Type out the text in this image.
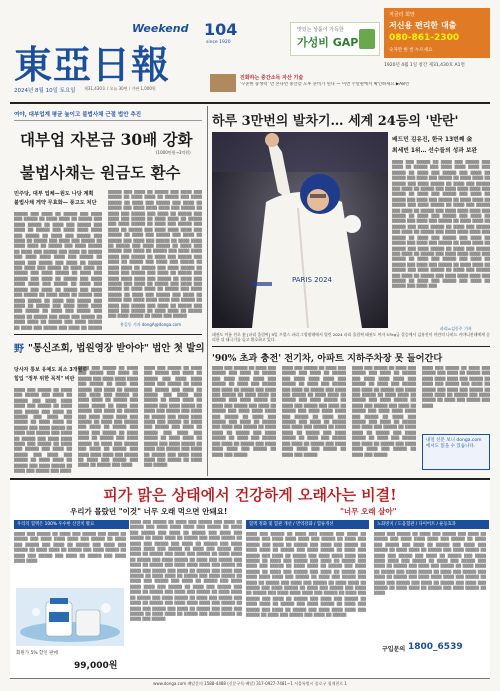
Weekend
東亞日報
2024년 8월 10일 토요일 제31,430호 / 오늘 30면 / 가판 1,000원
104
since 1920
맛있는 상품이 가득한
가성비 GAP
저금리 희망
저신용 편리한 대출
080-861-2300
숫자만 한 번 누르세요
1920년 4월 1일 창간 제31,430호 A1면
진화하는 중간소득 자산 기술
'꾸준한 중생력' 만 본다면 중산층 노후 준비가 된다 — 이번 주말판에서 확인하세요 ▶A8면
여야, 대부업계 평균 높이고 불법사채 근절 법안 추진
대부업 자본금 30배 강화
(1000만원→3억원)
불법사채는 원금도 환수
민주당, 대부 업체—원도 나당 계획
불법사채 게약 무효화— 풍고도 처단
▒▒▒▒▒ ▒▒▒ ▒▒▒▒ ▒▒ ▒▒▒▒▒ ▒▒▒ ▒▒▒▒ ▒▒▒ ▒▒▒▒▒ ▒▒ ▒▒▒▒ ▒▒▒▒ ▒▒ ▒▒▒▒▒ ▒▒▒ ▒▒▒▒ ▒▒▒▒▒ ▒▒ ▒▒▒▒ ▒▒▒ ▒▒▒▒▒ ▒▒▒ ▒▒▒▒ ▒▒ ▒▒▒▒▒ ▒▒▒ ▒▒▒▒ ▒▒▒▒ ▒▒▒▒ ▒▒▒ ▒▒▒▒▒ ▒▒ ▒▒▒▒ ▒▒▒ ▒▒▒▒▒ ▒▒▒ ▒▒▒▒ ▒▒ ▒▒▒▒▒ ▒▒▒ ▒▒▒▒ ▒▒▒ ▒▒▒▒▒ ▒▒ ▒▒▒▒ ▒▒▒▒ ▒▒ ▒▒▒▒▒ ▒▒▒ ▒▒▒▒ ▒▒▒▒▒ ▒▒ ▒▒▒▒ ▒▒▒ ▒▒▒▒▒ ▒▒▒ ▒▒▒▒ ▒▒ ▒▒▒▒▒ ▒▒▒ ▒▒▒▒ ▒▒▒▒ ▒▒▒▒ ▒▒▒ ▒▒▒▒▒ ▒▒ ▒▒▒▒ ▒▒▒ ▒▒▒▒▒ ▒▒▒ ▒▒▒▒ ▒▒ ▒▒▒▒▒ ▒▒▒ ▒▒▒▒ ▒▒▒ ▒▒▒▒▒ ▒▒ ▒▒▒▒ ▒▒▒▒ ▒▒ ▒▒▒▒▒ ▒▒▒ ▒▒▒▒ ▒▒▒▒▒ ▒▒ ▒▒▒▒ ▒▒▒ ▒▒▒▒▒ ▒▒▒ ▒▒▒▒ ▒▒ ▒▒▒▒▒ ▒▒▒ ▒▒▒▒ ▒▒▒▒ ▒▒▒▒ ▒▒▒ ▒▒▒▒▒ ▒▒ ▒▒▒▒ ▒▒▒ ▒▒▒▒▒ ▒▒▒ ▒▒▒▒ ▒▒ ▒▒▒▒▒ ▒▒▒ ▒▒▒▒ ▒▒▒ ▒▒▒▒▒ ▒▒ ▒▒▒▒ ▒▒▒▒ ▒▒ ▒▒▒▒▒ ▒▒▒ ▒▒▒▒ ▒▒▒▒▒ ▒▒ ▒▒▒▒ ▒▒▒ ▒▒▒▒▒ ▒▒▒ ▒▒▒▒ ▒▒ ▒▒▒▒▒ ▒▒▒ ▒▒▒▒ ▒▒▒▒ ▒▒▒▒ ▒▒▒ ▒▒▒▒▒ ▒▒ ▒▒▒▒ ▒▒▒ ▒▒▒▒▒ ▒▒▒ ▒▒▒▒ ▒▒ ▒▒▒▒▒ ▒▒▒ ▒▒▒▒ ▒▒▒ ▒▒▒▒▒ ▒▒ ▒▒▒▒ ▒▒▒▒ ▒▒ ▒▒▒▒▒ ▒▒▒ ▒▒▒▒ ▒▒▒▒▒ ▒▒ ▒▒▒▒ ▒▒▒ ▒▒▒▒▒ ▒▒▒ ▒▒▒▒ ▒▒ ▒▒▒▒▒
▒▒▒▒▒ ▒▒▒ ▒▒▒▒ ▒▒ ▒▒▒▒▒ ▒▒▒ ▒▒▒▒ ▒▒▒ ▒▒▒▒▒ ▒▒ ▒▒▒▒ ▒▒▒▒ ▒▒ ▒▒▒▒▒ ▒▒▒ ▒▒▒▒ ▒▒▒▒▒ ▒▒ ▒▒▒▒ ▒▒▒ ▒▒▒▒▒ ▒▒▒ ▒▒▒▒ ▒▒ ▒▒▒▒▒ ▒▒▒ ▒▒▒▒ ▒▒▒▒ ▒▒▒▒ ▒▒▒ ▒▒▒▒▒ ▒▒ ▒▒▒▒ ▒▒▒ ▒▒▒▒▒ ▒▒▒ ▒▒▒▒ ▒▒ ▒▒▒▒▒ ▒▒▒ ▒▒▒▒ ▒▒▒ ▒▒▒▒▒ ▒▒ ▒▒▒▒ ▒▒▒▒ ▒▒ ▒▒▒▒▒ ▒▒▒ ▒▒▒▒ ▒▒▒▒▒ ▒▒ ▒▒▒▒ ▒▒▒ ▒▒▒▒▒ ▒▒▒ ▒▒▒▒ ▒▒ ▒▒▒▒▒ ▒▒▒ ▒▒▒▒ ▒▒▒▒ ▒▒▒▒ ▒▒▒ ▒▒▒▒▒ ▒▒ ▒▒▒▒ ▒▒▒ ▒▒▒▒▒ ▒▒▒ ▒▒▒▒ ▒▒ ▒▒▒▒▒ ▒▒▒ ▒▒▒▒ ▒▒▒ ▒▒▒▒▒ ▒▒ ▒▒▒▒ ▒▒▒▒ ▒▒ ▒▒▒▒▒ ▒▒▒ ▒▒▒▒ ▒▒▒▒▒ ▒▒ ▒▒▒▒ ▒▒▒ ▒▒▒▒▒ ▒▒▒ ▒▒▒▒ ▒▒ ▒▒▒▒▒ ▒▒▒ ▒▒▒▒ ▒▒▒▒ ▒▒▒▒ ▒▒▒ ▒▒▒▒▒ ▒▒ ▒▒▒▒ ▒▒▒ ▒▒▒▒▒ ▒▒▒ ▒▒▒▒ ▒▒ ▒▒▒▒▒ ▒▒▒ ▒▒▒▒ ▒▒▒ ▒▒▒▒▒ ▒▒ ▒▒▒▒ ▒▒▒▒ ▒▒ ▒▒▒▒▒ ▒▒▒ ▒▒▒▒ ▒▒▒▒▒ ▒▒ ▒▒▒▒ ▒▒▒ ▒▒▒▒▒ ▒▒▒ ▒▒▒▒ ▒▒ ▒▒▒▒▒ ▒▒▒ ▒▒▒▒ ▒▒▒▒ ▒▒▒▒ ▒▒▒ ▒▒▒▒▒ ▒▒ ▒▒▒▒ ▒▒▒ ▒▒▒▒▒ ▒▒▒ ▒▒▒▒ ▒▒ ▒▒▒▒▒ ▒▒▒ ▒▒▒▒ ▒▒▒ ▒▒▒▒▒ ▒▒ ▒▒▒▒ ▒▒▒▒ ▒▒ ▒▒▒▒▒ ▒▒▒ ▒▒▒▒ ▒▒▒▒▒ ▒▒ ▒▒▒▒ ▒▒▒ ▒▒▒▒▒ ▒▒▒ ▒▒▒▒ ▒▒ ▒▒▒▒▒ ▒▒▒ ▒▒▒▒ ▒▒▒▒ ▒▒▒▒ ▒▒▒ ▒▒▒▒▒ ▒▒ ▒▒▒▒ ▒▒▒ ▒▒▒▒▒ ▒▒▒ ▒▒▒▒ ▒▒ ▒▒▒▒▒ ▒▒▒ ▒▒▒▒ ▒▒▒ ▒▒▒▒▒ ▒▒ ▒▒▒▒ ▒▒▒▒ ▒▒ ▒▒▒▒▒ ▒▒▒ ▒▒▒▒ ▒▒▒▒▒ ▒▒ ▒▒▒▒ ▒▒▒ ▒▒▒▒▒
홍길동 기자 dongA@donga.com
野 "통신조회, 법원영장 받아야" 법안 첫 발의
당사자 통보 유예도 최소 3개월로
힘입 "정부 위한 목적" 비판
▒▒▒▒ ▒▒▒ ▒▒▒▒▒ ▒▒ ▒▒▒▒ ▒▒▒ ▒▒▒▒▒ ▒▒▒ ▒▒▒▒ ▒▒ ▒▒▒▒▒ ▒▒▒ ▒▒▒▒ ▒▒▒▒ ▒▒▒▒ ▒▒▒ ▒▒▒▒▒ ▒▒ ▒▒▒▒ ▒▒▒ ▒▒▒▒▒ ▒▒▒ ▒▒▒▒ ▒▒ ▒▒▒▒▒ ▒▒▒ ▒▒▒▒ ▒▒▒ ▒▒▒▒▒ ▒▒ ▒▒▒▒ ▒▒▒▒ ▒▒ ▒▒▒▒▒ ▒▒▒ ▒▒▒▒ ▒▒▒▒▒ ▒▒ ▒▒▒▒ ▒▒▒ ▒▒▒▒▒ ▒▒▒ ▒▒▒▒ ▒▒ ▒▒▒▒▒ ▒▒▒ ▒▒▒▒ ▒▒▒▒ ▒▒▒▒ ▒▒▒ ▒▒▒▒▒ ▒▒ ▒▒▒▒ ▒▒▒ ▒▒▒▒▒ ▒▒▒ ▒▒▒▒ ▒▒ ▒▒▒▒▒ ▒▒▒ ▒▒▒▒ ▒▒▒ ▒▒▒▒▒ ▒▒ ▒▒▒▒ ▒▒▒▒ ▒▒ ▒▒▒▒▒ ▒▒▒ ▒▒▒▒ ▒▒▒▒▒ ▒▒ ▒▒▒▒ ▒▒▒ ▒▒▒▒▒ ▒▒▒ ▒▒▒▒
▒▒▒▒ ▒▒▒ ▒▒▒▒▒ ▒▒ ▒▒▒▒ ▒▒▒ ▒▒▒▒▒ ▒▒▒ ▒▒▒▒ ▒▒ ▒▒▒▒▒ ▒▒▒ ▒▒▒▒ ▒▒▒▒ ▒▒▒▒ ▒▒▒ ▒▒▒▒▒ ▒▒ ▒▒▒▒ ▒▒▒ ▒▒▒▒▒ ▒▒▒ ▒▒▒▒ ▒▒ ▒▒▒▒▒ ▒▒▒ ▒▒▒▒ ▒▒▒ ▒▒▒▒▒ ▒▒ ▒▒▒▒ ▒▒▒▒ ▒▒ ▒▒▒▒▒ ▒▒▒ ▒▒▒▒ ▒▒▒▒▒ ▒▒ ▒▒▒▒ ▒▒▒ ▒▒▒▒▒ ▒▒▒ ▒▒▒▒ ▒▒ ▒▒▒▒▒ ▒▒▒ ▒▒▒▒ ▒▒▒▒ ▒▒▒▒ ▒▒▒ ▒▒▒▒▒ ▒▒ ▒▒▒▒ ▒▒▒ ▒▒▒▒▒ ▒▒▒ ▒▒▒▒ ▒▒ ▒▒▒▒▒ ▒▒▒ ▒▒▒▒ ▒▒▒ ▒▒▒▒▒ ▒▒ ▒▒▒▒ ▒▒▒▒ ▒▒ ▒▒▒▒▒ ▒▒▒ ▒▒▒▒ ▒▒▒▒▒ ▒▒ ▒▒▒▒ ▒▒▒ ▒▒▒▒▒ ▒▒▒ ▒▒▒▒ ▒▒ ▒▒▒▒▒ ▒▒▒ ▒▒▒▒ ▒▒▒▒ ▒▒▒▒ ▒▒▒ ▒▒▒▒▒ ▒▒ ▒▒▒▒ ▒▒▒ ▒▒▒▒▒ ▒▒▒ ▒▒▒▒ ▒▒ ▒▒▒▒▒ ▒▒▒ ▒▒▒▒
▒▒▒▒ ▒▒▒ ▒▒▒▒▒ ▒▒ ▒▒▒▒ ▒▒▒ ▒▒▒▒▒ ▒▒▒ ▒▒▒▒ ▒▒ ▒▒▒▒▒ ▒▒▒ ▒▒▒▒ ▒▒▒▒ ▒▒▒▒ ▒▒▒ ▒▒▒▒▒ ▒▒ ▒▒▒▒ ▒▒▒ ▒▒▒▒▒ ▒▒▒ ▒▒▒▒ ▒▒ ▒▒▒▒▒ ▒▒▒ ▒▒▒▒ ▒▒▒ ▒▒▒▒▒ ▒▒ ▒▒▒▒ ▒▒▒▒ ▒▒ ▒▒▒▒▒ ▒▒▒ ▒▒▒▒ ▒▒▒▒▒ ▒▒ ▒▒▒▒ ▒▒▒ ▒▒▒▒▒ ▒▒▒ ▒▒▒▒ ▒▒ ▒▒▒▒▒ ▒▒▒ ▒▒▒▒ ▒▒▒▒ ▒▒▒▒ ▒▒▒ ▒▒▒▒▒ ▒▒ ▒▒▒▒ ▒▒▒ ▒▒▒▒▒ ▒▒▒ ▒▒▒▒ ▒▒ ▒▒▒▒▒ ▒▒▒ ▒▒▒▒ ▒▒▒ ▒▒▒▒▒ ▒▒ ▒▒▒▒ ▒▒▒▒ ▒▒ ▒▒▒▒▒ ▒▒▒ ▒▒▒▒ ▒▒▒▒▒ ▒▒ ▒▒▒▒ ▒▒▒ ▒▒▒▒▒ ▒▒▒ ▒▒▒▒ ▒▒ ▒▒▒▒▒ ▒▒▒ ▒▒▒▒ ▒▒▒▒ ▒▒▒▒ ▒▒▒ ▒▒▒▒▒ ▒▒ ▒▒▒▒ ▒▒▒ ▒▒▒▒▒
하루 3만번의 발차기… 세계 24등의 '반란'
PARIS 2024
배드민 김유진, 한국 13번째 金
최세빈 1위… 선수들의 성과 보완
▒▒▒▒ ▒▒▒ ▒▒▒▒▒ ▒▒ ▒▒▒▒ ▒▒▒ ▒▒▒▒▒ ▒▒▒ ▒▒▒▒ ▒▒ ▒▒▒▒▒ ▒▒▒ ▒▒▒▒ ▒▒▒▒ ▒▒▒▒ ▒▒▒ ▒▒▒▒▒ ▒▒ ▒▒▒▒ ▒▒▒ ▒▒▒▒▒ ▒▒▒ ▒▒▒▒ ▒▒ ▒▒▒▒▒ ▒▒▒ ▒▒▒▒ ▒▒▒ ▒▒▒▒▒ ▒▒ ▒▒▒▒ ▒▒▒▒ ▒▒ ▒▒▒▒▒ ▒▒▒ ▒▒▒▒ ▒▒▒▒▒ ▒▒ ▒▒▒▒ ▒▒▒ ▒▒▒▒▒ ▒▒▒ ▒▒▒▒ ▒▒ ▒▒▒▒▒ ▒▒▒ ▒▒▒▒ ▒▒▒▒ ▒▒▒▒ ▒▒▒ ▒▒▒▒▒ ▒▒ ▒▒▒▒ ▒▒▒ ▒▒▒▒▒ ▒▒▒ ▒▒▒▒ ▒▒ ▒▒▒▒▒ ▒▒▒ ▒▒▒▒ ▒▒▒ ▒▒▒▒▒ ▒▒ ▒▒▒▒ ▒▒▒▒ ▒▒ ▒▒▒▒▒ ▒▒▒ ▒▒▒▒ ▒▒▒▒▒ ▒▒ ▒▒▒▒ ▒▒▒ ▒▒▒▒▒ ▒▒▒ ▒▒▒▒ ▒▒ ▒▒▒▒▒ ▒▒▒ ▒▒▒▒ ▒▒▒▒ ▒▒▒▒ ▒▒▒ ▒▒▒▒▒ ▒▒ ▒▒▒▒ ▒▒▒ ▒▒▒▒▒ ▒▒▒ ▒▒▒▒ ▒▒ ▒▒▒▒▒ ▒▒▒ ▒▒▒▒ ▒▒▒ ▒▒▒▒▒ ▒▒ ▒▒▒▒ ▒▒▒▒ ▒▒ ▒▒▒▒▒ ▒▒▒ ▒▒▒▒ ▒▒▒▒▒ ▒▒ ▒▒▒▒ ▒▒▒ ▒▒▒▒▒ ▒▒▒ ▒▒▒▒ ▒▒ ▒▒▒▒▒ ▒▒▒ ▒▒▒▒ ▒▒▒▒ ▒▒▒▒ ▒▒▒ ▒▒▒▒▒ ▒▒ ▒▒▒▒ ▒▒▒ ▒▒▒▒▒ ▒▒▒ ▒▒▒▒ ▒▒ ▒▒▒▒▒ ▒▒▒ ▒▒▒▒ ▒▒▒ ▒▒▒▒▒ ▒▒ ▒▒▒▒ ▒▒▒▒ ▒▒ ▒▒▒▒▒ ▒▒▒ ▒▒▒▒ ▒▒▒▒▒ ▒▒ ▒▒▒▒ ▒▒▒ ▒▒▒▒▒ ▒▒▒ ▒▒▒▒ ▒▒ ▒▒▒▒▒ ▒▒▒ ▒▒▒▒ ▒▒▒▒ ▒▒▒▒ ▒▒▒ ▒▒▒▒▒ ▒▒ ▒▒▒▒ ▒▒▒ ▒▒▒▒▒ ▒▒▒ ▒▒▒▒ ▒▒ ▒▒▒▒▒ ▒▒▒ ▒▒▒▒ ▒▒▒ ▒▒▒▒▒ ▒▒ ▒▒▒▒ ▒▒▒▒ ▒▒ ▒▒▒▒▒ ▒▒▒ ▒▒▒▒ ▒▒▒▒▒ ▒▒ ▒▒▒▒ ▒▒▒ ▒▒▒▒▒ ▒▒▒ ▒▒▒▒ ▒▒ ▒▒▒▒▒ ▒▒▒ ▒▒▒▒ ▒▒▒▒ ▒▒▒▒ ▒▒▒ ▒▒▒▒▒ ▒▒ ▒▒▒▒ ▒▒▒ ▒▒▒▒▒ ▒▒▒ ▒▒▒▒ ▒▒ ▒▒▒▒▒ ▒▒▒ ▒▒▒▒ ▒▒▒
파리=김동주 기자
태권도 이름 천초 金 [파리 올림픽] 9일 프랑스 파리 그랑팔레에서 열린 2024 파리 올림픽 태권도 여자 57kg급 결승에서 김유진이 이란의 나히드 키야니찬데에게 승리한 뒤 태극기를 들고 환호하고 있다.
'90% 초과 충전' 전기차, 아파트 지하주차장 못 들어간다
▒▒▒▒ ▒▒▒ ▒▒▒▒▒ ▒▒ ▒▒▒▒ ▒▒▒ ▒▒▒▒▒ ▒▒▒ ▒▒▒▒ ▒▒ ▒▒▒▒▒ ▒▒▒ ▒▒▒▒ ▒▒▒▒ ▒▒▒▒ ▒▒▒ ▒▒▒▒▒ ▒▒ ▒▒▒▒ ▒▒▒ ▒▒▒▒▒ ▒▒▒ ▒▒▒▒ ▒▒ ▒▒▒▒▒ ▒▒▒ ▒▒▒▒ ▒▒▒ ▒▒▒▒▒ ▒▒ ▒▒▒▒ ▒▒▒▒ ▒▒ ▒▒▒▒▒ ▒▒▒ ▒▒▒▒ ▒▒▒▒▒ ▒▒ ▒▒▒▒ ▒▒▒ ▒▒▒▒▒ ▒▒▒ ▒▒▒▒ ▒▒ ▒▒▒▒▒ ▒▒▒ ▒▒▒▒ ▒▒▒▒ ▒▒▒▒ ▒▒▒ ▒▒▒▒▒ ▒▒ ▒▒▒▒ ▒▒▒ ▒▒▒▒▒ ▒▒▒ ▒▒▒▒ ▒▒ ▒▒▒▒▒ ▒▒▒ ▒▒▒▒ ▒▒▒ ▒▒▒▒▒ ▒▒ ▒▒▒▒ ▒▒▒▒ ▒▒ ▒▒▒▒▒ ▒▒▒ ▒▒▒▒ ▒▒▒▒▒ ▒▒ ▒▒▒▒ ▒▒▒ ▒▒▒▒▒ ▒▒▒ ▒▒▒▒ ▒▒ ▒▒▒▒▒ ▒▒▒ ▒▒▒▒ ▒▒▒▒ ▒▒▒▒ ▒▒▒ ▒▒▒▒▒ ▒▒ ▒▒▒▒ ▒▒▒ ▒▒▒▒▒
▒▒▒▒ ▒▒▒ ▒▒▒▒▒ ▒▒ ▒▒▒▒ ▒▒▒ ▒▒▒▒▒ ▒▒▒ ▒▒▒▒ ▒▒ ▒▒▒▒▒ ▒▒▒ ▒▒▒▒ ▒▒▒▒ ▒▒▒▒ ▒▒▒ ▒▒▒▒▒ ▒▒ ▒▒▒▒ ▒▒▒ ▒▒▒▒▒ ▒▒▒ ▒▒▒▒ ▒▒ ▒▒▒▒▒ ▒▒▒ ▒▒▒▒ ▒▒▒ ▒▒▒▒▒ ▒▒ ▒▒▒▒ ▒▒▒▒ ▒▒ ▒▒▒▒▒ ▒▒▒ ▒▒▒▒ ▒▒▒▒▒ ▒▒ ▒▒▒▒ ▒▒▒ ▒▒▒▒▒ ▒▒▒ ▒▒▒▒ ▒▒ ▒▒▒▒▒ ▒▒▒ ▒▒▒▒ ▒▒▒▒ ▒▒▒▒ ▒▒▒ ▒▒▒▒▒ ▒▒ ▒▒▒▒ ▒▒▒ ▒▒▒▒▒ ▒▒▒ ▒▒▒▒ ▒▒ ▒▒▒▒▒ ▒▒▒ ▒▒▒▒ ▒▒▒ ▒▒▒▒▒ ▒▒ ▒▒▒▒ ▒▒▒▒ ▒▒ ▒▒▒▒▒ ▒▒▒ ▒▒▒▒ ▒▒▒▒▒ ▒▒ ▒▒▒▒ ▒▒▒ ▒▒▒▒▒ ▒▒▒ ▒▒▒▒ ▒▒ ▒▒▒▒▒ ▒▒▒ ▒▒▒▒ ▒▒▒▒ ▒▒▒▒ ▒▒▒ ▒▒▒▒▒ ▒▒ ▒▒▒▒ ▒▒▒ ▒▒▒▒▒
▒▒▒▒ ▒▒▒ ▒▒▒▒▒ ▒▒ ▒▒▒▒ ▒▒▒ ▒▒▒▒▒ ▒▒▒ ▒▒▒▒ ▒▒ ▒▒▒▒▒ ▒▒▒ ▒▒▒▒ ▒▒▒▒ ▒▒▒▒ ▒▒▒ ▒▒▒▒▒ ▒▒ ▒▒▒▒ ▒▒▒ ▒▒▒▒▒ ▒▒▒ ▒▒▒▒ ▒▒ ▒▒▒▒▒ ▒▒▒ ▒▒▒▒ ▒▒▒ ▒▒▒▒▒ ▒▒ ▒▒▒▒ ▒▒▒▒ ▒▒ ▒▒▒▒▒ ▒▒▒ ▒▒▒▒ ▒▒▒▒▒ ▒▒ ▒▒▒▒ ▒▒▒ ▒▒▒▒▒ ▒▒▒ ▒▒▒▒ ▒▒ ▒▒▒▒▒ ▒▒▒ ▒▒▒▒ ▒▒▒▒ ▒▒▒▒ ▒▒▒ ▒▒▒▒▒ ▒▒ ▒▒▒▒ ▒▒▒ ▒▒▒▒▒ ▒▒▒ ▒▒▒▒ ▒▒ ▒▒▒▒▒ ▒▒▒ ▒▒▒▒ ▒▒▒ ▒▒▒▒▒ ▒▒ ▒▒▒▒ ▒▒▒▒ ▒▒ ▒▒▒▒▒ ▒▒▒ ▒▒▒▒ ▒▒▒▒▒ ▒▒ ▒▒▒▒ ▒▒▒ ▒▒▒▒▒ ▒▒▒ ▒▒▒▒ ▒▒ ▒▒▒▒▒ ▒▒▒ ▒▒▒▒ ▒▒▒▒ ▒▒▒▒ ▒▒▒ ▒▒▒▒▒ ▒▒ ▒▒▒▒ ▒▒▒ ▒▒▒▒▒
▒▒▒▒ ▒▒▒ ▒▒▒▒▒ ▒▒ ▒▒▒▒ ▒▒▒ ▒▒▒▒▒ ▒▒▒ ▒▒▒▒ ▒▒ ▒▒▒▒▒ ▒▒▒ ▒▒▒▒ ▒▒▒▒ ▒▒▒▒ ▒▒▒ ▒▒▒▒▒ ▒▒ ▒▒▒▒ ▒▒▒ ▒▒▒▒▒ ▒▒▒ ▒▒▒▒ ▒▒ ▒▒▒▒▒ ▒▒▒ ▒▒▒▒ ▒▒▒ ▒▒▒▒▒ ▒▒ ▒▒▒▒ ▒▒▒▒ ▒▒ ▒▒▒▒▒ ▒▒▒ ▒▒▒▒ ▒▒▒▒▒ ▒▒ ▒▒▒▒ ▒▒▒ ▒▒▒▒▒ ▒▒▒ ▒▒▒▒
내일 신문 보니 donga.com 에서도 읽을 수 있습니다.
피가 맑은 상태에서 건강하게 오래사는 비결!
우리가 몰랐던 "이것" 너무 오래 먹으면 안돼요!	"너무 오래 살아"
우리의 혈액은 100% 우수한 산진치 활료	혈액 정화 및 혈관 개선 / 면역강화 / 혈류개선	노화방지 / 도움혈관 / 다이어트 / 운동효과
▒▒▒▒ ▒▒▒ ▒▒▒▒▒ ▒▒ ▒▒▒▒ ▒▒▒ ▒▒▒▒▒ ▒▒▒ ▒▒▒▒ ▒▒ ▒▒▒▒▒ ▒▒▒ ▒▒▒▒ ▒▒▒▒ ▒▒▒▒ ▒▒▒ ▒▒▒▒▒ ▒▒ ▒▒▒▒ ▒▒▒ ▒▒▒▒▒ ▒▒▒ ▒▒▒▒ ▒▒ ▒▒▒▒▒ ▒▒▒ ▒▒▒▒ ▒▒▒ ▒▒▒▒▒ ▒▒ ▒▒▒▒ ▒▒▒▒ ▒▒ ▒▒▒▒▒ ▒▒▒ ▒▒▒▒ ▒▒▒▒▒ ▒▒ ▒▒▒▒ ▒▒▒ ▒▒▒▒▒ ▒▒▒ ▒▒▒▒ ▒▒ ▒▒▒▒▒ ▒▒▒ ▒▒▒▒ ▒▒▒▒ ▒▒▒▒
▒▒▒▒ ▒▒▒ ▒▒▒▒▒ ▒▒ ▒▒▒▒ ▒▒▒ ▒▒▒▒▒ ▒▒▒ ▒▒▒▒ ▒▒ ▒▒▒▒▒ ▒▒▒ ▒▒▒▒ ▒▒▒▒ ▒▒▒▒ ▒▒▒ ▒▒▒▒▒ ▒▒ ▒▒▒▒ ▒▒▒ ▒▒▒▒▒ ▒▒▒ ▒▒▒▒ ▒▒ ▒▒▒▒▒ ▒▒▒ ▒▒▒▒ ▒▒▒ ▒▒▒▒▒ ▒▒ ▒▒▒▒ ▒▒▒▒ ▒▒ ▒▒▒▒▒ ▒▒▒ ▒▒▒▒ ▒▒▒▒▒ ▒▒ ▒▒▒▒ ▒▒▒ ▒▒▒▒▒ ▒▒▒ ▒▒▒▒ ▒▒ ▒▒▒▒▒ ▒▒▒ ▒▒▒▒ ▒▒▒▒ ▒▒▒▒ ▒▒▒ ▒▒▒▒▒ ▒▒ ▒▒▒▒ ▒▒▒ ▒▒▒▒▒ ▒▒▒ ▒▒▒▒ ▒▒ ▒▒▒▒▒ ▒▒▒ ▒▒▒▒ ▒▒▒ ▒▒▒▒▒ ▒▒ ▒▒▒▒ ▒▒▒▒ ▒▒ ▒▒▒▒▒ ▒▒▒ ▒▒▒▒ ▒▒▒▒▒ ▒▒ ▒▒▒▒ ▒▒▒ ▒▒▒▒▒ ▒▒▒ ▒▒▒▒ ▒▒ ▒▒▒▒▒ ▒▒▒ ▒▒▒▒ ▒▒▒▒ ▒▒▒▒ ▒▒▒ ▒▒▒▒▒ ▒▒ ▒▒▒▒ ▒▒▒ ▒▒▒▒▒ ▒▒▒ ▒▒▒▒ ▒▒ ▒▒▒▒▒ ▒▒▒ ▒▒▒▒ ▒▒▒ ▒▒▒▒▒ ▒▒ ▒▒▒▒ ▒▒▒▒ ▒▒ ▒▒▒▒▒ ▒▒▒ ▒▒▒▒ ▒▒▒▒▒ ▒▒ ▒▒▒▒ ▒▒▒ ▒▒▒▒▒ ▒▒▒ ▒▒▒▒ ▒▒ ▒▒▒▒▒ ▒▒▒ ▒▒▒▒ ▒▒▒▒ ▒▒▒▒ ▒▒▒ ▒▒▒▒▒ ▒▒ ▒▒▒▒ ▒▒▒ ▒▒▒▒▒ ▒▒▒ ▒▒▒▒ ▒▒ ▒▒▒▒▒ ▒▒▒ ▒▒▒▒ ▒▒▒ ▒▒▒▒▒ ▒▒ ▒▒▒▒ ▒▒▒▒ ▒▒ ▒▒▒▒▒ ▒▒▒ ▒▒▒▒ ▒▒▒▒▒ ▒▒ ▒▒▒▒ ▒▒▒ ▒▒▒▒▒ ▒▒▒ ▒▒▒▒ ▒▒ ▒▒▒▒▒ ▒▒▒ ▒▒▒▒ ▒▒▒▒ ▒▒▒▒ ▒▒▒ ▒▒▒▒▒ ▒▒ ▒▒▒▒ ▒▒▒ ▒▒▒▒▒ ▒▒▒ ▒▒▒▒ ▒▒ ▒▒▒▒▒ ▒▒▒ ▒▒▒▒ ▒▒▒ ▒▒▒▒▒ ▒▒ ▒▒▒▒ ▒▒▒▒ ▒▒ ▒▒▒▒▒ ▒▒▒ ▒▒▒▒ ▒▒▒▒▒ ▒▒ ▒▒▒▒ ▒▒▒ ▒▒▒▒▒
▒▒▒▒ ▒▒▒ ▒▒▒▒▒ ▒▒ ▒▒▒▒ ▒▒▒ ▒▒▒▒▒ ▒▒▒ ▒▒▒▒ ▒▒ ▒▒▒▒▒ ▒▒▒ ▒▒▒▒ ▒▒▒▒ ▒▒▒▒ ▒▒▒ ▒▒▒▒▒ ▒▒ ▒▒▒▒ ▒▒▒ ▒▒▒▒▒ ▒▒▒ ▒▒▒▒ ▒▒ ▒▒▒▒▒ ▒▒▒ ▒▒▒▒ ▒▒▒ ▒▒▒▒▒ ▒▒ ▒▒▒▒ ▒▒▒▒ ▒▒ ▒▒▒▒▒ ▒▒▒ ▒▒▒▒ ▒▒▒▒▒ ▒▒ ▒▒▒▒ ▒▒▒ ▒▒▒▒▒ ▒▒▒ ▒▒▒▒ ▒▒ ▒▒▒▒▒ ▒▒▒ ▒▒▒▒ ▒▒▒▒ ▒▒▒▒ ▒▒▒ ▒▒▒▒▒ ▒▒ ▒▒▒▒ ▒▒▒ ▒▒▒▒▒ ▒▒▒ ▒▒▒▒ ▒▒ ▒▒▒▒▒ ▒▒▒ ▒▒▒▒ ▒▒▒ ▒▒▒▒▒ ▒▒ ▒▒▒▒ ▒▒▒▒ ▒▒ ▒▒▒▒▒ ▒▒▒ ▒▒▒▒ ▒▒▒▒▒ ▒▒ ▒▒▒▒ ▒▒▒ ▒▒▒▒▒ ▒▒▒ ▒▒▒▒ ▒▒ ▒▒▒▒▒ ▒▒▒ ▒▒▒▒ ▒▒▒▒ ▒▒▒▒ ▒▒▒ ▒▒▒▒▒ ▒▒ ▒▒▒▒ ▒▒▒ ▒▒▒▒▒ ▒▒▒ ▒▒▒▒ ▒▒ ▒▒▒▒▒ ▒▒▒ ▒▒▒▒ ▒▒▒ ▒▒▒▒▒ ▒▒ ▒▒▒▒ ▒▒▒▒ ▒▒ ▒▒▒▒▒ ▒▒▒ ▒▒▒▒ ▒▒▒▒▒ ▒▒ ▒▒▒▒ ▒▒▒ ▒▒▒▒▒ ▒▒▒ ▒▒▒▒ ▒▒ ▒▒▒▒▒ ▒▒▒ ▒▒▒▒ ▒▒▒▒ ▒▒▒▒ ▒▒▒ ▒▒▒▒▒ ▒▒ ▒▒▒▒ ▒▒▒ ▒▒▒▒▒ ▒▒▒ ▒▒▒▒ ▒▒ ▒▒▒▒▒ ▒▒▒ ▒▒▒▒ ▒▒▒ ▒▒▒▒▒ ▒▒ ▒▒▒▒ ▒▒▒▒ ▒▒ ▒▒▒▒▒ ▒▒▒ ▒▒▒▒ ▒▒▒▒▒ ▒▒ ▒▒▒▒ ▒▒▒ ▒▒▒▒▒ ▒▒▒ ▒▒▒▒ ▒▒ ▒▒▒▒▒ ▒▒▒ ▒▒▒▒ ▒▒▒▒ ▒▒▒▒ ▒▒▒ ▒▒▒▒▒ ▒▒ ▒▒▒▒ ▒▒▒ ▒▒▒▒▒ ▒▒▒ ▒▒▒▒ ▒▒ ▒▒▒▒▒
▒▒▒▒ ▒▒▒ ▒▒▒▒▒ ▒▒ ▒▒▒▒ ▒▒▒ ▒▒▒▒▒ ▒▒▒ ▒▒▒▒ ▒▒ ▒▒▒▒▒ ▒▒▒ ▒▒▒▒ ▒▒▒▒ ▒▒▒▒ ▒▒▒ ▒▒▒▒▒ ▒▒ ▒▒▒▒ ▒▒▒ ▒▒▒▒▒ ▒▒▒ ▒▒▒▒ ▒▒ ▒▒▒▒▒ ▒▒▒ ▒▒▒▒ ▒▒▒ ▒▒▒▒▒ ▒▒ ▒▒▒▒ ▒▒▒▒ ▒▒ ▒▒▒▒▒ ▒▒▒ ▒▒▒▒ ▒▒▒▒▒ ▒▒ ▒▒▒▒ ▒▒▒ ▒▒▒▒▒ ▒▒▒ ▒▒▒▒ ▒▒ ▒▒▒▒▒ ▒▒▒ ▒▒▒▒ ▒▒▒▒ ▒▒▒▒ ▒▒▒ ▒▒▒▒▒ ▒▒ ▒▒▒▒ ▒▒▒ ▒▒▒▒▒ ▒▒▒ ▒▒▒▒ ▒▒ ▒▒▒▒▒ ▒▒▒ ▒▒▒▒ ▒▒▒ ▒▒▒▒▒ ▒▒ ▒▒▒▒ ▒▒▒▒ ▒▒ ▒▒▒▒▒ ▒▒▒ ▒▒▒▒ ▒▒▒▒▒ ▒▒ ▒▒▒▒ ▒▒▒ ▒▒▒▒▒ ▒▒▒ ▒▒▒▒ ▒▒ ▒▒▒▒▒ ▒▒▒ ▒▒▒▒ ▒▒▒▒ ▒▒▒▒ ▒▒▒ ▒▒▒▒▒ ▒▒ ▒▒▒▒ ▒▒▒ ▒▒▒▒▒ ▒▒▒ ▒▒▒▒ ▒▒ ▒▒▒▒▒ ▒▒▒ ▒▒▒▒ ▒▒▒ ▒▒▒▒▒ ▒▒ ▒▒▒▒ ▒▒▒▒ ▒▒ ▒▒▒▒▒ ▒▒▒ ▒▒▒▒ ▒▒▒▒▒ ▒▒ ▒▒▒▒
회원가 5% 할인 판매
99,000원
구입문의 1800_6539
www.donga.com 배달문의 1588-4488 (신문구독·배달) 317-0927-7481~1 서울특별시 종로구 청계천로 1
